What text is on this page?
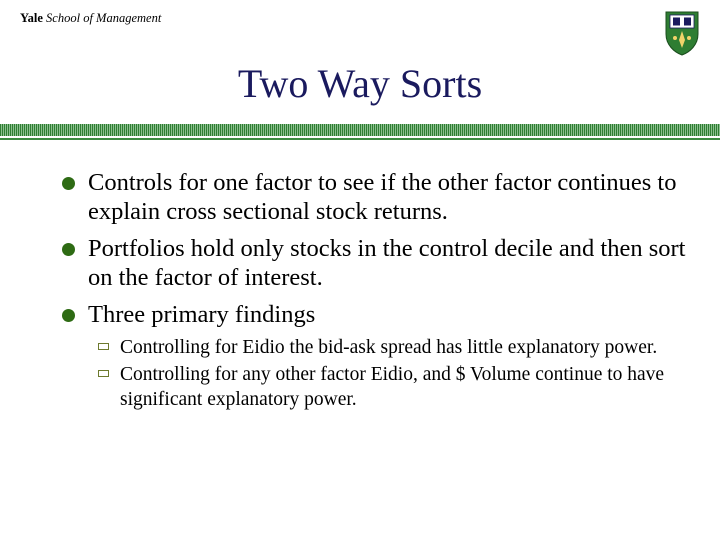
Yale School of Management
Two Way Sorts
Controls for one factor to see if the other factor continues to explain cross sectional stock returns.
Portfolios hold only stocks in the control decile and then sort on the factor of interest.
Three primary findings
Controlling for Eidio the bid-ask spread has little explanatory power.
Controlling for any other factor Eidio, and $ Volume continue to have significant explanatory power.
